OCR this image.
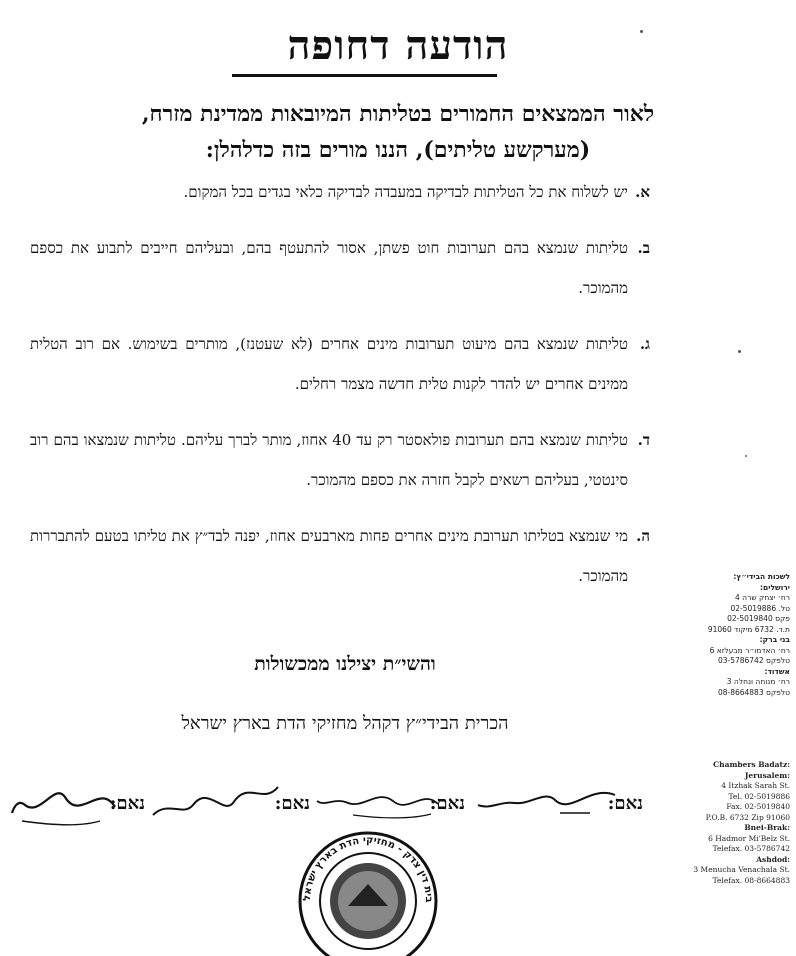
הודעה דחופה
לאור הממצאים החמורים בטליתות המיובאות ממדינת מזרח,
(מערקשע טליתים), הננו מורים בזה כדלהלן:
א.
יש לשלוח את כל הטליתות לבדיקה במעבדה לבדיקה כלאי בגדים בכל המקום.
ב.
טליתות שנמצא בהם תערובות חוט פשתן, אסור להתעטף בהם, ובעליהם חייבים לתבוע את כספם מהמוכר.
ג.
טליתות שנמצא בהם מיעוט תערובות מינים אחרים (לא שעטנז), מותרים בשימוש. אם רוב הטלית ממינים אחרים יש להדר לקנות טלית חדשה מצמר רחלים.
ד.
טליתות שנמצא בהם תערובות פולאסטר רק עד 40 אחוז, מותר לברך עליהם. טליתות שנמצאו בהם רוב סינטטי, בעליהם רשאים לקבל חזרה את כספם מהמוכר.
ה.
מי שנמצא בטליתו תערובת מינים אחרים פחות מארבעים אחוז, יפנה לבד״ץ את טליתו בטעם להתבררות מהמוכר.
והשי״ת יצילנו ממכשולות
הכרית הבידי״ץ דקהל מחזיקי הדת בארץ ישראל
נאם:
נאם:
נאם:
נאם:
בית דין צדק - מחזיקי הדת בארץ ישראל
לשכות הבידי״ץ:
ירושלים:
רח׳ יצחק שרה 4
טל. 02-5019886
פקס 02-5019840
ת.ד. 6732 מיקוד 91060
בני ברק:
רח׳ האדמו״ר מבעלזא 6
טלפקס 03-5786742
אשדוד:
רח׳ מנוחה ונחלה 3
טלפקס 08-8664883
Chambers Badatz:
Jerusalem:
4 Itzhak Sarah St.
Tel. 02-5019886
Fax. 02-5019840
P.O.B. 6732 Zip 91060
Bnei-Brak:
6 Hadmor Mi'Belz St.
Telefax. 03-5786742
Ashdod:
3 Menucha Venachala St.
Telefax. 08-8664883
